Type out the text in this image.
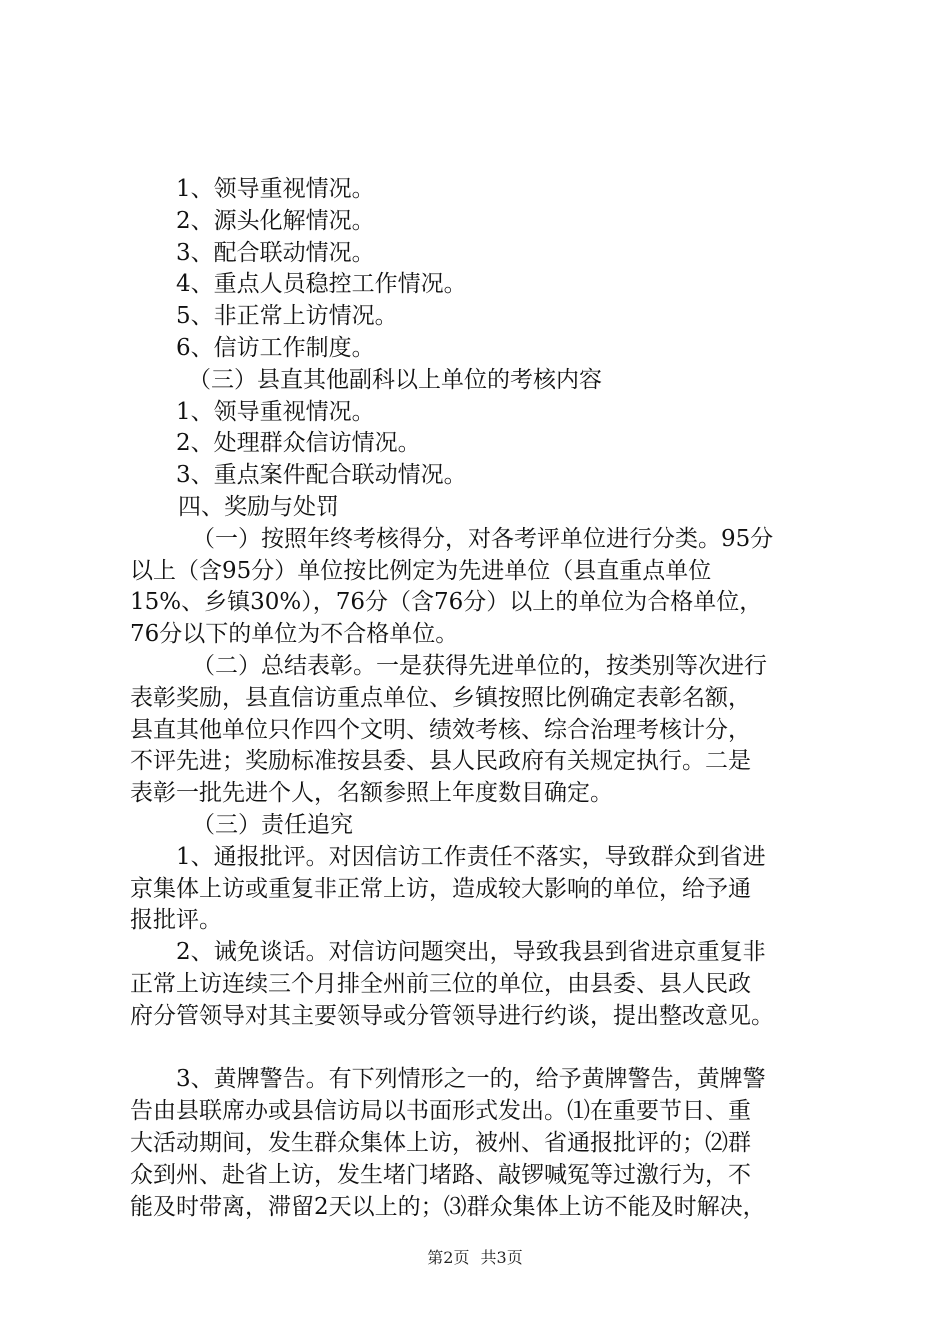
1、领导重视情况。
2、源头化解情况。
3、配合联动情况。
4、重点人员稳控工作情况。
5、非正常上访情况。
6、信访工作制度。
（三）县直其他副科以上单位的考核内容
1、领导重视情况。
2、处理群众信访情况。
3、重点案件配合联动情况。
四、奖励与处罚
（一）按照年终考核得分，对各考评单位进行分类。95分
以上（含95分）单位按比例定为先进单位（县直重点单位
15%、乡镇30%），76分（含76分）以上的单位为合格单位，
76分以下的单位为不合格单位。
（二）总结表彰。一是获得先进单位的，按类别等次进行
表彰奖励，县直信访重点单位、乡镇按照比例确定表彰名额，
县直其他单位只作四个文明、绩效考核、综合治理考核计分，
不评先进；奖励标准按县委、县人民政府有关规定执行。二是
表彰一批先进个人，名额参照上年度数目确定。
（三）责任追究
1、通报批评。对因信访工作责任不落实，导致群众到省进
京集体上访或重复非正常上访，造成较大影响的单位，给予通
报批评。
2、诫免谈话。对信访问题突出，导致我县到省进京重复非
正常上访连续三个月排全州前三位的单位，由县委、县人民政
府分管领导对其主要领导或分管领导进行约谈，提出整改意见。
3、黄牌警告。有下列情形之一的，给予黄牌警告，黄牌警
告由县联席办或县信访局以书面形式发出。⑴在重要节日、重
大活动期间，发生群众集体上访，被州、省通报批评的；⑵群
众到州、赴省上访，发生堵门堵路、敲锣喊冤等过激行为，不
能及时带离，滞留2天以上的；⑶群众集体上访不能及时解决，
第2页 共3页
